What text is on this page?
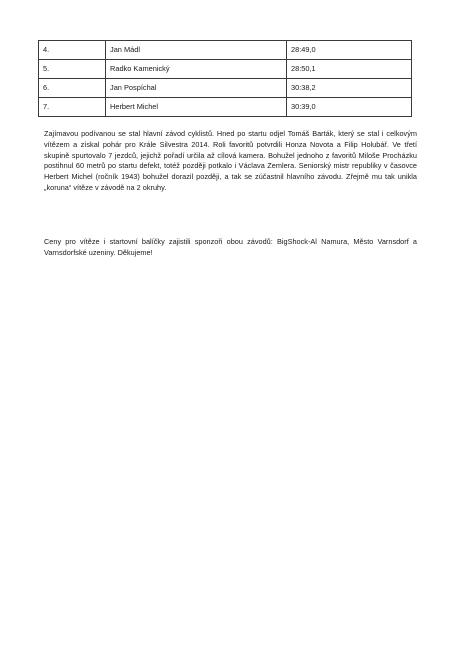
4.	Jan Mádl	28:49,0
5.	Radko Kamenický	28:50,1
6.	Jan Pospíchal	30:38,2
7.	Herbert Michel	30:39,0

Zajímavou podívanou se stal hlavní závod cyklistů. Hned po startu odjel Tomáš Barták, který se stal i celkovým vítězem a získal pohár pro Krále Silvestra 2014. Roli favoritů potvrdili Honza Novota a Filip Holubář. Ve třetí skupině spurtovalo 7 jezdců, jejichž pořadí určila až cílová kamera. Bohužel jednoho z favoritů Miloše Procházku postihnul 60 metrů po startu defekt, totéž později potkalo i Václava Zemlera. Seniorský mistr republiky v časovce Herbert Michel (ročník 1943) bohužel dorazil později, a tak se zúčastnil hlavního závodu. Zřejmě mu tak unikla „koruna“ vítěze v závodě na 2 okruhy.

Ceny pro vítěze i startovní balíčky zajistili sponzoři obou závodů: BigShock-Al Namura, Město Varnsdorf a Varnsdorfské uzeniny. Děkujeme!
